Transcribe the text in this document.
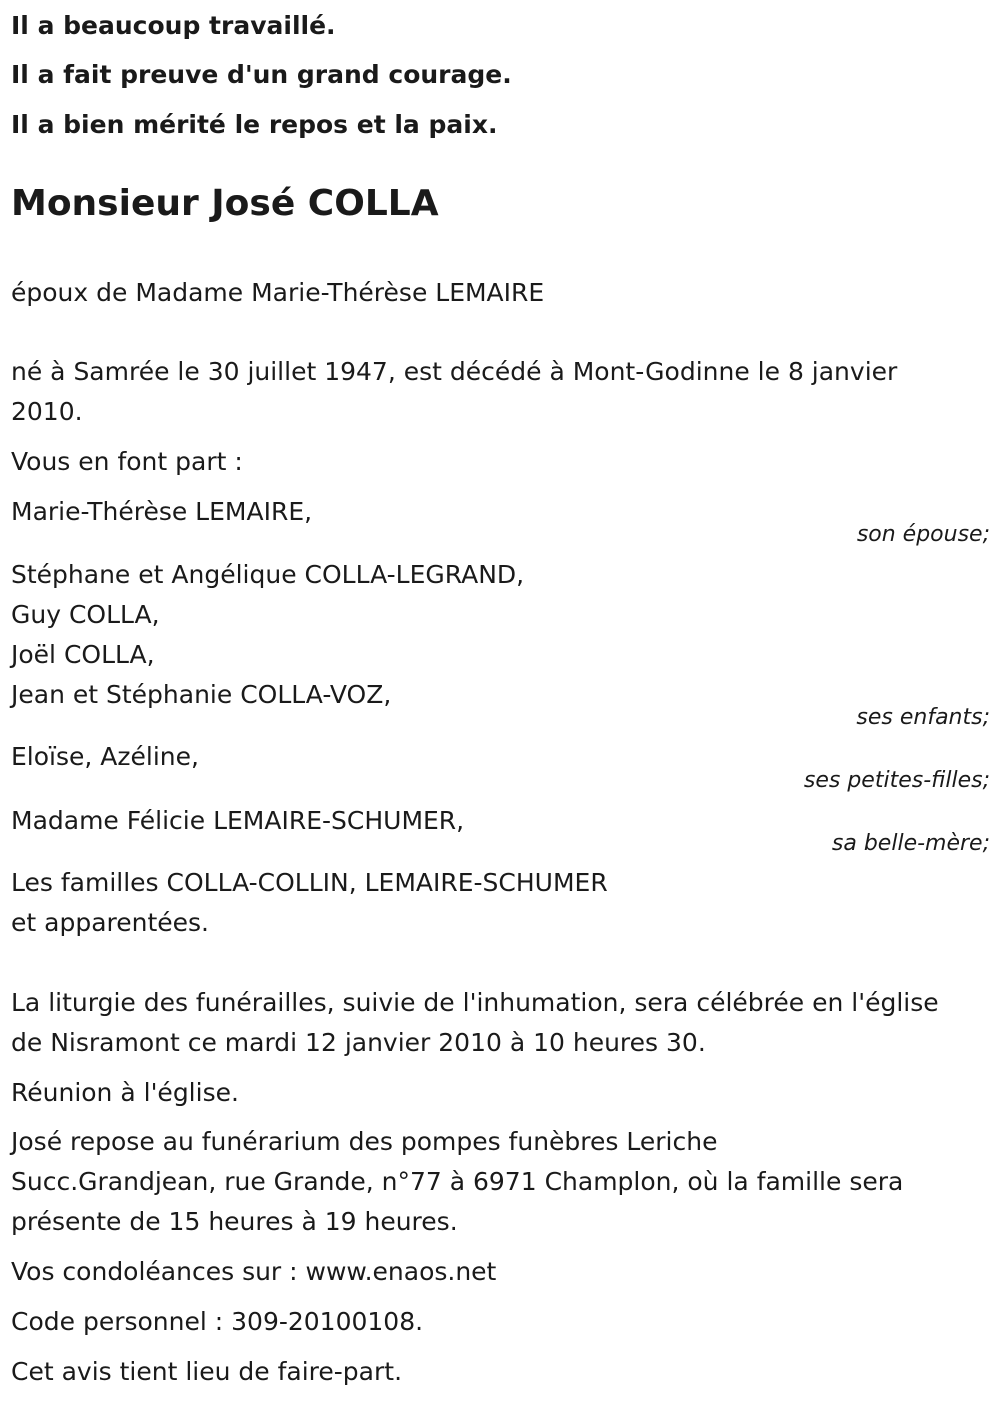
Il a beaucoup travaillé.
Il a fait preuve d'un grand courage.
Il a bien mérité le repos et la paix.
Monsieur José COLLA
époux de Madame Marie-Thérèse LEMAIRE
né à Samrée le 30 juillet 1947, est décédé à Mont-Godinne le 8 janvier
2010.
Vous en font part :
Marie-Thérèse LEMAIRE,
son épouse;
Stéphane et Angélique COLLA-LEGRAND,
Guy COLLA,
Joël COLLA,
Jean et Stéphanie COLLA-VOZ,
ses enfants;
Eloïse, Azéline,
ses petites-filles;
Madame Félicie LEMAIRE-SCHUMER,
sa belle-mère;
Les familles COLLA-COLLIN, LEMAIRE-SCHUMER
et apparentées.
La liturgie des funérailles, suivie de l'inhumation, sera célébrée en l'église
de Nisramont ce mardi 12 janvier 2010 à 10 heures 30.
Réunion à l'église.
José repose au funérarium des pompes funèbres Leriche
Succ.Grandjean, rue Grande, n°77 à 6971 Champlon, où la famille sera
présente de 15 heures à 19 heures.
Vos condoléances sur : www.enaos.net
Code personnel : 309-20100108.
Cet avis tient lieu de faire-part.
